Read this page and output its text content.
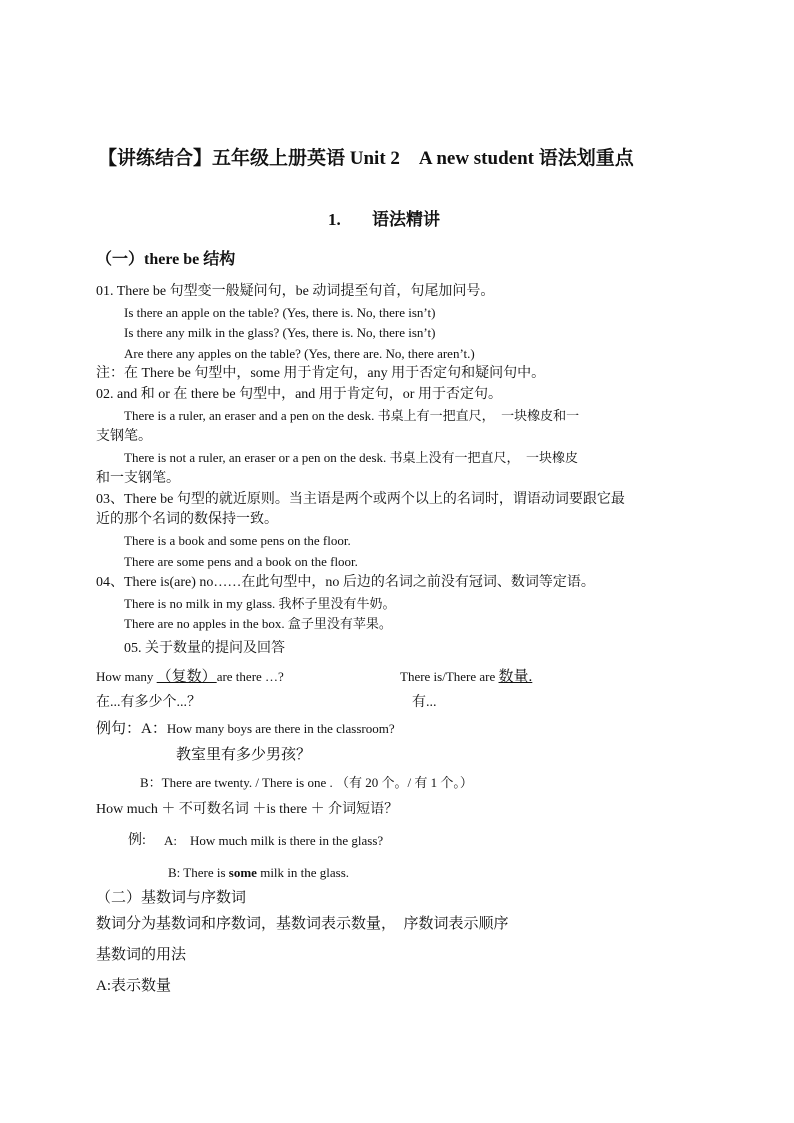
【讲练结合】五年级上册英语 Unit 2　A new student 语法划重点
1. 语法精讲
（一）there be 结构
01. There be 句型变一般疑问句，be 动词提至句首，句尾加问号。
Is there an apple on the table? (Yes, there is. No, there isn’t)
Is there any milk in the glass? (Yes, there is. No, there isn’t)
Are there any apples on the table? (Yes, there are. No, there aren’t.)
注：在 There be 句型中，some 用于肯定句，any 用于否定句和疑问句中。
02. and 和 or 在 there be 句型中，and 用于肯定句，or 用于否定句。
There is a ruler, an eraser and a pen on the desk. 书桌上有一把直尺，　一块橡皮和一
支钢笔。
There is not a ruler, an eraser or a pen on the desk. 书桌上没有一把直尺，　一块橡皮
和一支钢笔。
03、There be 句型的就近原则。当主语是两个或两个以上的名词时，谓语动词要跟它最
近的那个名词的数保持一致。
There is a book and some pens on the floor.
There are some pens and a book on the floor.
04、There is(are) no……在此句型中，no 后边的名词之前没有冠词、数词等定语。
There is no milk in my glass. 我杯子里没有牛奶。
There are no apples in the box. 盒子里没有苹果。
05. 关于数量的提问及回答
How many （复数）are there …?	There is/There are 数量.
在...有多少个...？	有...
例句：A：How many boys are there in the classroom?
教室里有多少男孩？
B：There are twenty. / There is one . （有 20 个。/ 有 1 个。）
How much ＋ 不可数名词 ＋is there ＋ 介词短语？
例: A:　How much milk is there in the glass?
B: There is some milk in the glass.
（二）基数词与序数词
数词分为基数词和序数词，基数词表示数量，　序数词表示顺序
基数词的用法
A:表示数量
